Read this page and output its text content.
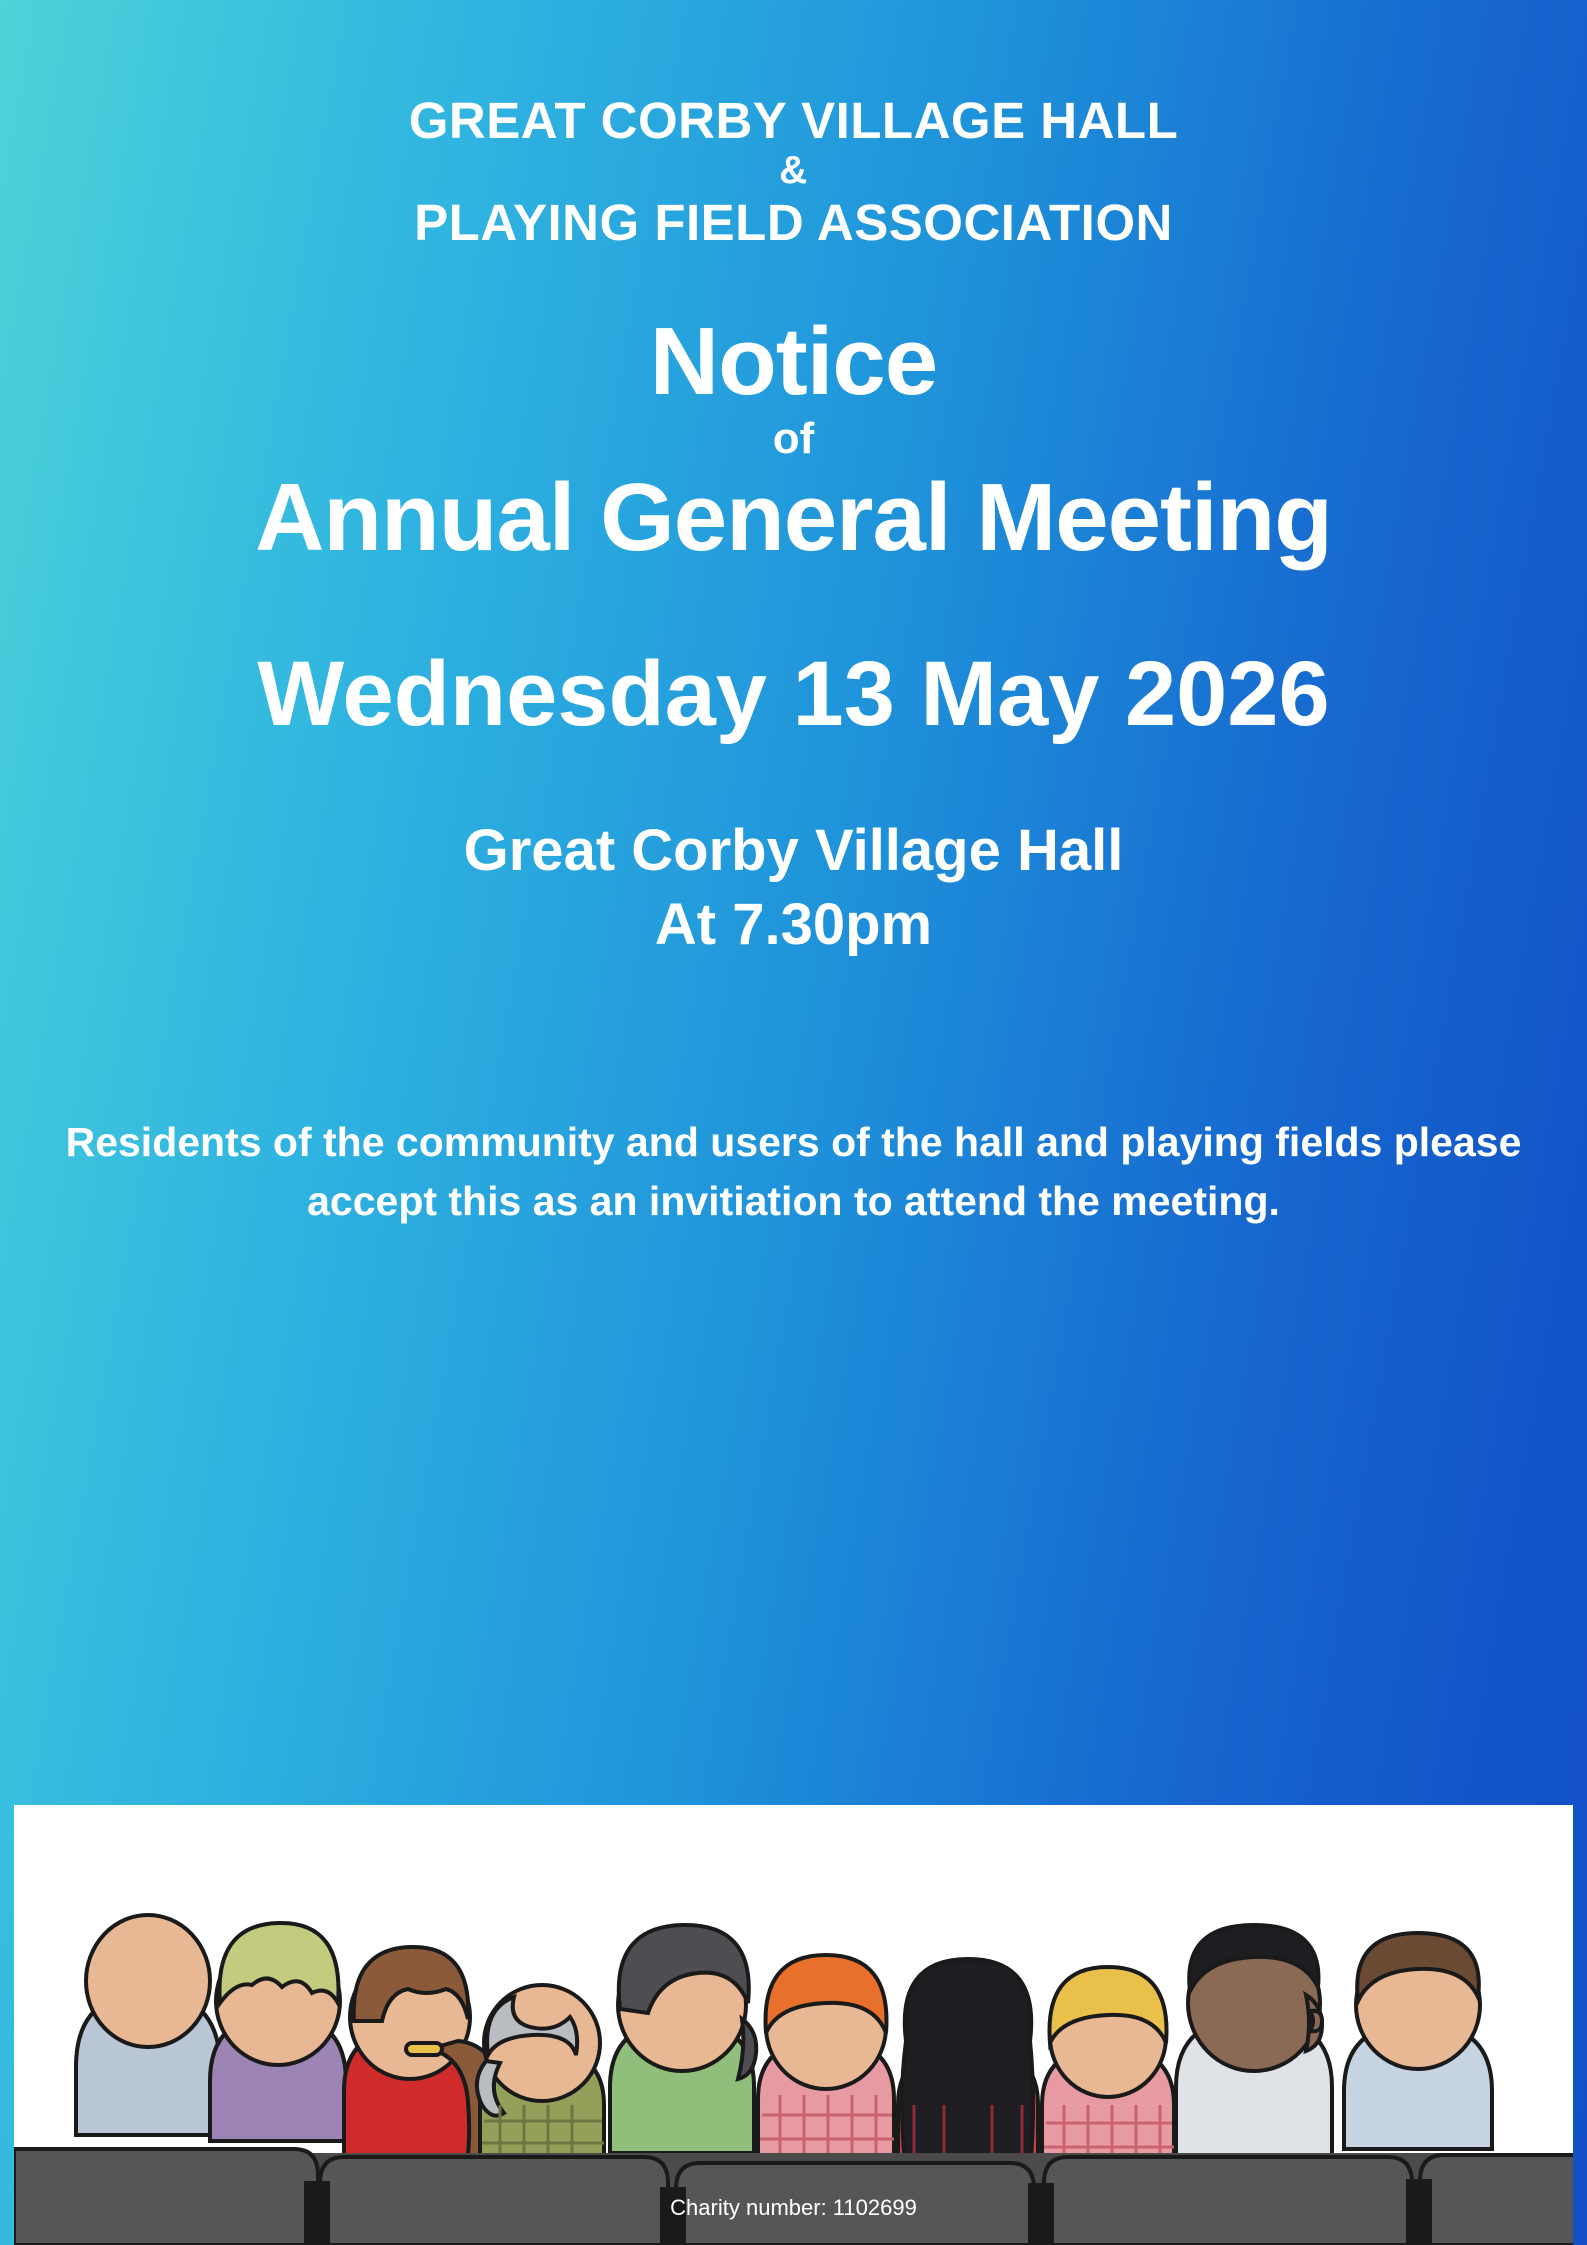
GREAT CORBY VILLAGE HALL
&
PLAYING FIELD ASSOCIATION
Notice
of
Annual General Meeting
Wednesday 13 May 2026
Great Corby Village Hall
At 7.30pm
Residents of the community and users of the hall and playing fields please accept this as an invitiation to attend the meeting.
Charity number: 1102699
